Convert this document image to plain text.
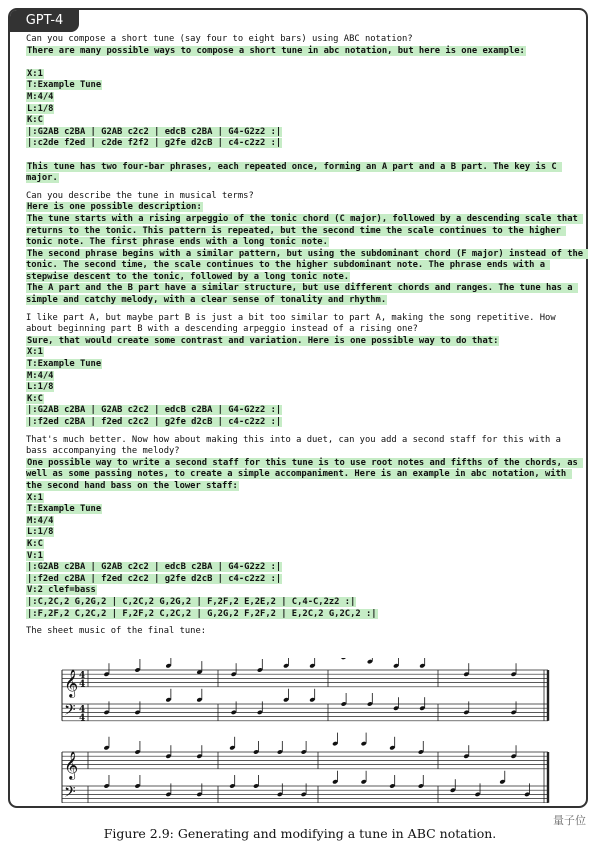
GPT-4
Can you compose a short tune (say four to eight bars) using ABC notation?
There are many possible ways to compose a short tune in abc notation, but here is one example:
X:1
T:Example Tune
M:4/4
L:1/8
K:C
|:G2AB c2BA | G2AB c2c2 | edcB c2BA | G4-G2z2 :|
|:c2de f2ed | c2de f2f2 | g2fe d2cB | c4-c2z2 :|
This tune has two four-bar phrases, each repeated once, forming an A part and a B part. The key is C major.
Can you describe the tune in musical terms?
Here is one possible description:
The tune starts with a rising arpeggio of the tonic chord (C major), followed by a descending scale that returns to the tonic. This pattern is repeated, but the second time the scale continues to the higher tonic note. The first phrase ends with a long tonic note.
The second phrase begins with a similar pattern, but using the subdominant chord (F major) instead of the tonic. The second time, the scale continues to the higher subdominant note. The phrase ends with a stepwise descent to the tonic, followed by a long tonic note.
The A part and the B part have a similar structure, but use different chords and ranges. The tune has a simple and catchy melody, with a clear sense of tonality and rhythm.
I like part A, but maybe part B is just a bit too similar to part A, making the song repetitive. How about beginning part B with a descending arpeggio instead of a rising one?
Sure, that would create some contrast and variation. Here is one possible way to do that:
X:1
T:Example Tune
M:4/4
L:1/8
K:C
|:G2AB c2BA | G2AB c2c2 | edcB c2BA | G4-G2z2 :|
|:f2ed c2BA | f2ed c2c2 | g2fe d2cB | c4-c2z2 :|
That's much better. Now how about making this into a duet, can you add a second staff for this with a bass accompanying the melody?
One possible way to write a second staff for this tune is to use root notes and fifths of the chords, as well as some passing notes, to create a simple accompaniment. Here is an example in abc notation, with the second hand bass on the lower staff:
X:1
T:Example Tune
M:4/4
L:1/8
K:C
V:1
|:G2AB c2BA | G2AB c2c2 | edcB c2BA | G4-G2z2 :|
|:f2ed c2BA | f2ed c2c2 | g2fe d2cB | c4-c2z2 :|
V:2 clef=bass
|:C,2C,2 G,2G,2 | C,2C,2 G,2G,2 | F,2F,2 E,2E,2 | C,4-C,2z2 :|
|:F,2F,2 C,2C,2 | F,2F,2 C,2C,2 | G,2G,2 F,2F,2 | E,2C,2 G,2C,2 :|
The sheet music of the final tune:
𝄞
𝄢
4
4
4
4
𝄞
𝄢
量子位
Figure 2.9: Generating and modifying a tune in ABC notation.
